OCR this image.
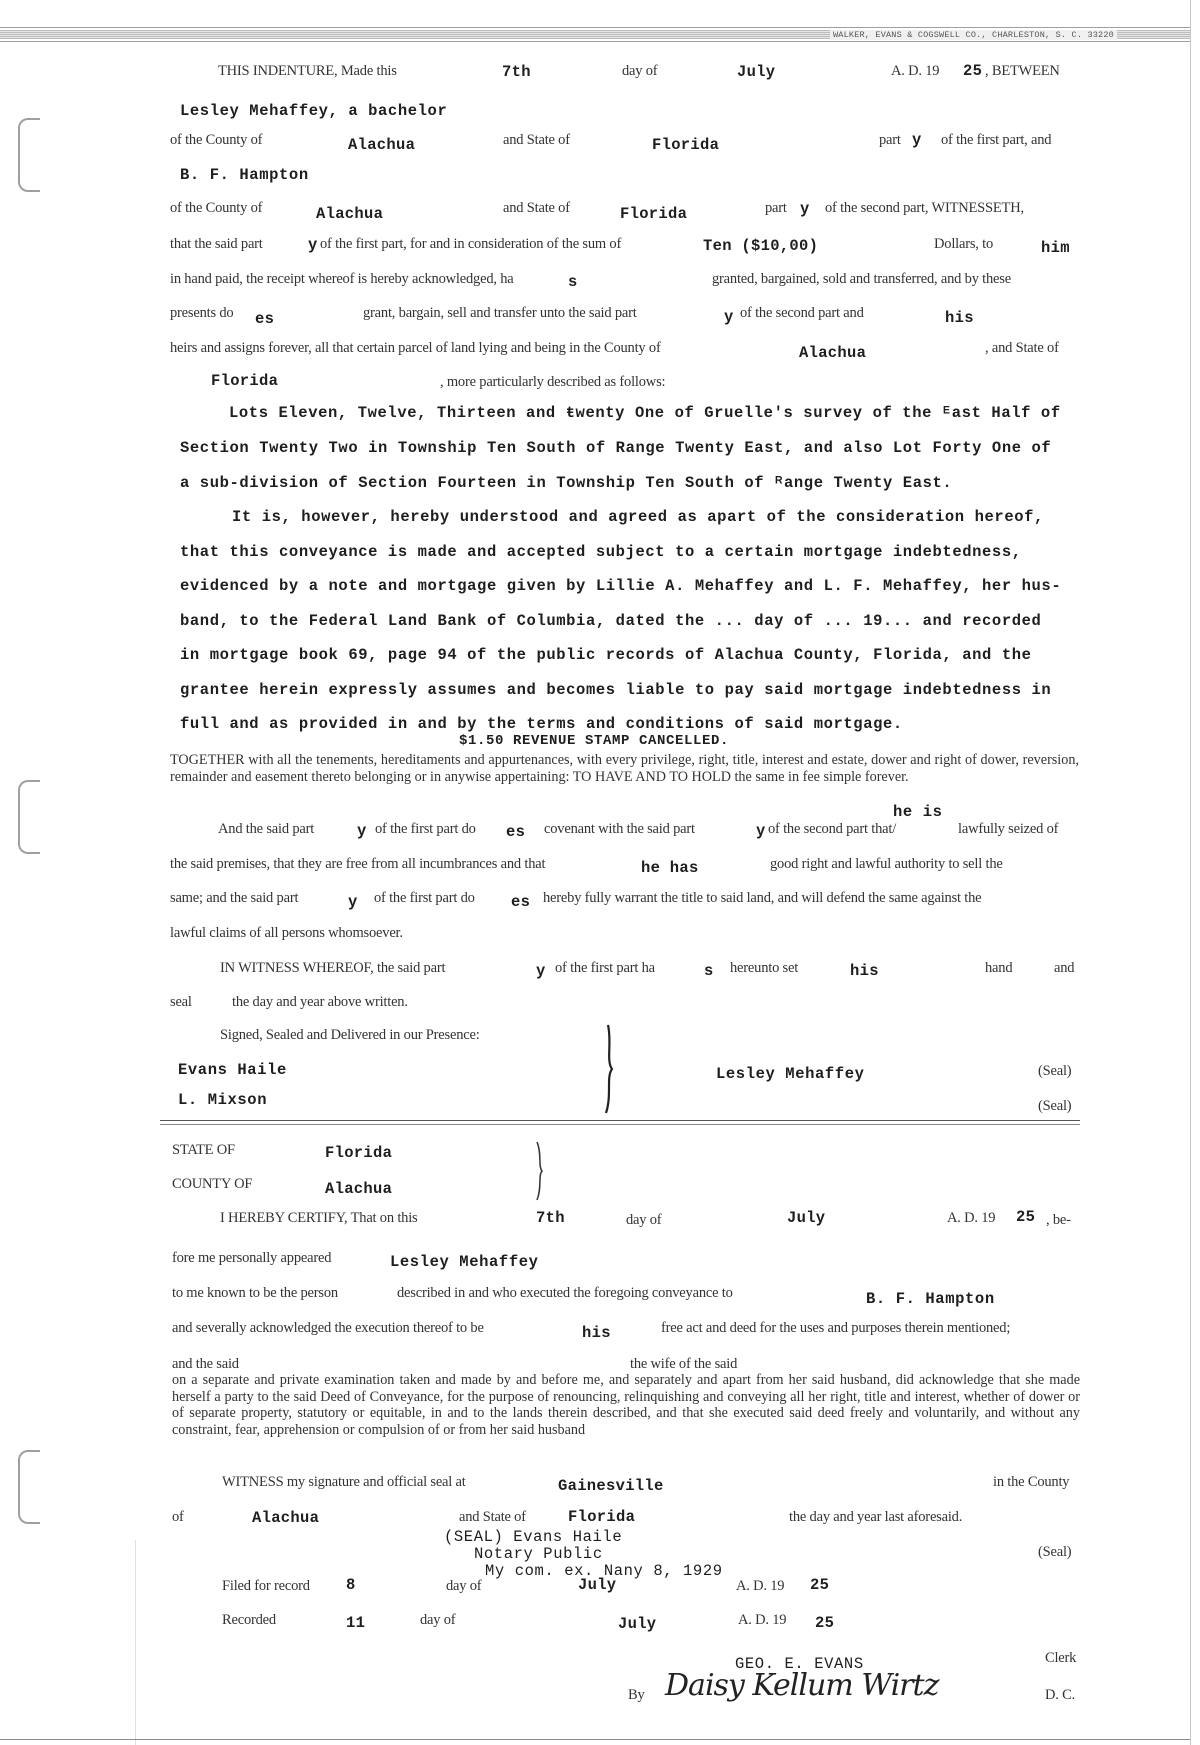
WALKER, EVANS & COGSWELL CO., CHARLESTON, S. C. 33220
THIS INDENTURE, Made this	7th	day of	July	A. D. 19 25 , BETWEEN
Lesley Mehaffey, a bachelor
of the County of	Alachua	and State of	Florida	part y of the first part, and
B. F. Hampton
of the County of	Alachua	and State of	Florida	part y of the second part, WITNESSETH,
that the said part	y of the first part, for and in consideration of the sum of	Ten ($10,00)	Dollars, to	him
in hand paid, the receipt whereof is hereby acknowledged, ha	s	granted, bargained, sold and transferred, and by these
presents do es	grant, bargain, sell and transfer unto the said part	y of the second part and	his
heirs and assigns forever, all that certain parcel of land lying and being in the County of	Alachua	, and State of
Florida	, more particularly described as follows:
Lots Eleven, Twelve, Thirteen and ŧwenty One of Gruelle's survey of the ᴱast Half of
Section Twenty Two in Township Ten South of Range Twenty East, and also Lot Forty One of
a sub-division of Section Fourteen in Township Ten South of ᴿange Twenty East.
It is, however, hereby understood and agreed as apart of the consideration hereof,
that this conveyance is made and accepted subject to a certain mortgage indebtedness,
evidenced by a note and mortgage given by Lillie A. Mehaffey and L. F. Mehaffey, her hus-
band, to the Federal Land Bank of Columbia, dated the ... day of ... 19... and recorded
in mortgage book 69, page 94 of the public records of Alachua County, Florida, and the
grantee herein expressly assumes and becomes liable to pay said mortgage indebtedness in
full and as provided in and by the terms and conditions of said mortgage.
$1.50 REVENUE STAMP CANCELLED.
TOGETHER with all the tenements, hereditaments and appurtenances, with every privilege, right, title, interest and estate, dower and right of dower, reversion, remainder and easement thereto belonging or in anywise appertaining: TO HAVE AND TO HOLD the same in fee simple forever.
he is
And the said part	y of the first part do es covenant with the said part	y of the second part that/	lawfully seized of
the said premises, that they are free from all incumbrances and that	he has	good right and lawful authority to sell the
same; and the said part	y of the first part do es hereby fully warrant the title to said land, and will defend the same against the
lawful claims of all persons whomsoever.
IN WITNESS WHEREOF, the said part	y of the first part ha	s hereunto set	his	hand	and
seal	the day and year above written.
Signed, Sealed and Delivered in our Presence:
Evans Haile
L. Mixson
Lesley Mehaffey	(Seal)
(Seal)
STATE OF	Florida
COUNTY OF	Alachua
I HEREBY CERTIFY, That on this	7th	day of	July	A. D. 19 25 , be-
fore me personally appeared	Lesley Mehaffey
to me known to be the person	described in and who executed the foregoing conveyance to	B. F. Hampton
and severally acknowledged the execution thereof to be	his	free act and deed for the uses and purposes therein mentioned;
and the said	the wife of the said
on a separate and private examination taken and made by and before me, and separately and apart from her said husband, did acknowledge that she made herself a party to the said Deed of Conveyance, for the purpose of renouncing, relinquishing and conveying all her right, title and interest, whether of dower or of separate property, statutory or equitable, in and to the lands therein described, and that she executed said deed freely and voluntarily, and without any constraint, fear, apprehension or compulsion of or from her said husband
WITNESS my signature and official seal at	Gainesville	in the County
of	Alachua	and State of	Florida	the day and year last aforesaid.
(SEAL) Evans Haile
Notary Public
My com. ex. Nany 8, 1929
(Seal)
Filed for record 8	day of	July	A. D. 19 25
Recorded	11	day of	July	A. D. 19 25
GEO. E. EVANS	Clerk
By Daisy Kellum Wirtz	D. C.
